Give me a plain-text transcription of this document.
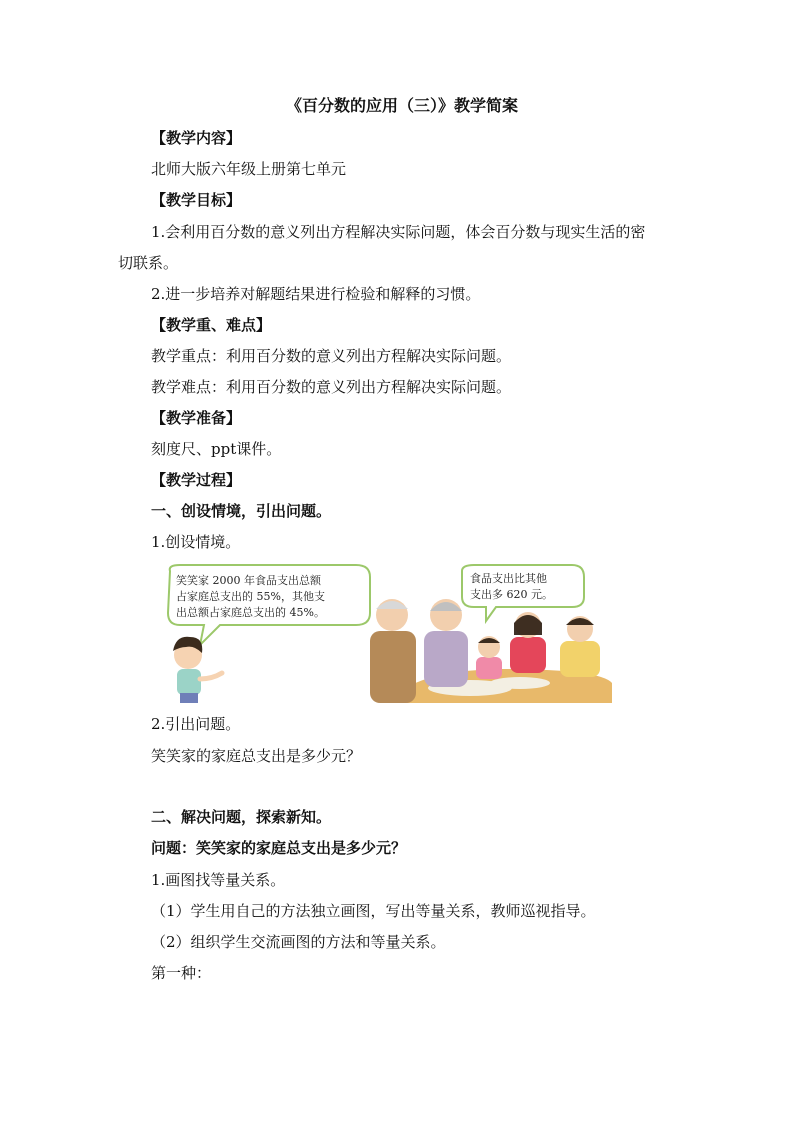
《百分数的应用（三）》教学简案
【教学内容】
北师大版六年级上册第七单元
【教学目标】
1.会利用百分数的意义列出方程解决实际问题，体会百分数与现实生活的密
切联系。
2.进一步培养对解题结果进行检验和解释的习惯。
【教学重、难点】
教学重点：利用百分数的意义列出方程解决实际问题。
教学难点：利用百分数的意义列出方程解决实际问题。
【教学准备】
刻度尺、ppt课件。
【教学过程】
一、创设情境，引出问题。
1.创设情境。
笑笑家 2000 年食品支出总额
占家庭总支出的 55%，其他支
出总额占家庭总支出的 45%。
食品支出比其他
支出多 620 元。
2.引出问题。
笑笑家的家庭总支出是多少元？
二、解决问题，探索新知。
问题：笑笑家的家庭总支出是多少元？
1.画图找等量关系。
（1）学生用自己的方法独立画图，写出等量关系，教师巡视指导。
（2）组织学生交流画图的方法和等量关系。
第一种：
